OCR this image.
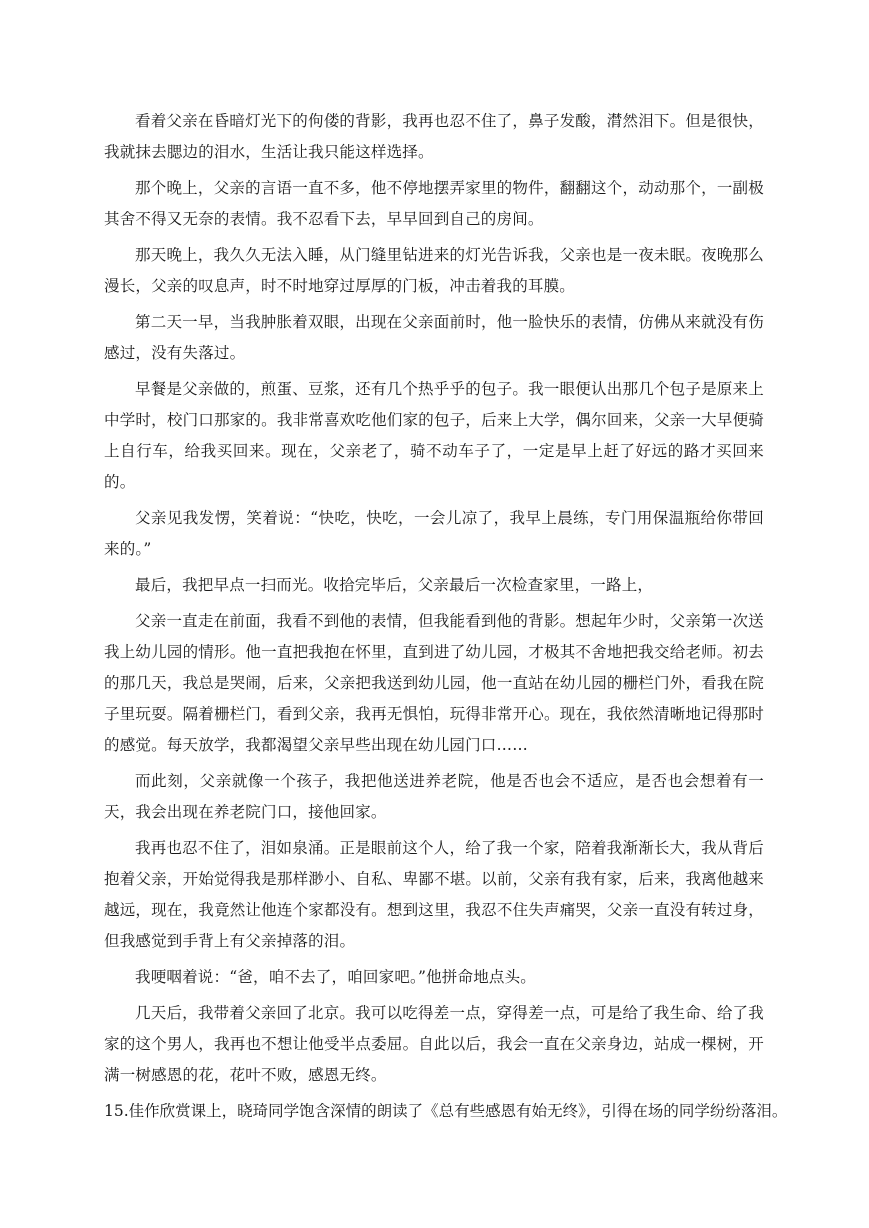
看着父亲在昏暗灯光下的佝偻的背影，我再也忍不住了，鼻子发酸，潸然泪下。但是很快，我就抹去腮边的泪水，生活让我只能这样选择。

那个晚上，父亲的言语一直不多，他不停地摆弄家里的物件，翻翻这个，动动那个，一副极其舍不得又无奈的表情。我不忍看下去，早早回到自己的房间。

那天晚上，我久久无法入睡，从门缝里钻进来的灯光告诉我，父亲也是一夜未眠。夜晚那么漫长，父亲的叹息声，时不时地穿过厚厚的门板，冲击着我的耳膜。

第二天一早，当我肿胀着双眼，出现在父亲面前时，他一脸快乐的表情，仿佛从来就没有伤感过，没有失落过。

早餐是父亲做的，煎蛋、豆浆，还有几个热乎乎的包子。我一眼便认出那几个包子是原来上中学时，校门口那家的。我非常喜欢吃他们家的包子，后来上大学，偶尔回来，父亲一大早便骑上自行车，给我买回来。现在，父亲老了，骑不动车子了，一定是早上赶了好远的路才买回来的。

父亲见我发愣，笑着说：“快吃，快吃，一会儿凉了，我早上晨练，专门用保温瓶给你带回来的。”

最后，我把早点一扫而光。收拾完毕后，父亲最后一次检查家里，一路上，

父亲一直走在前面，我看不到他的表情，但我能看到他的背影。想起年少时，父亲第一次送我上幼儿园的情形。他一直把我抱在怀里，直到进了幼儿园，才极其不舍地把我交给老师。初去的那几天，我总是哭闹，后来，父亲把我送到幼儿园，他一直站在幼儿园的栅栏门外，看我在院子里玩耍。隔着栅栏门，看到父亲，我再无惧怕，玩得非常开心。现在，我依然清晰地记得那时的感觉。每天放学，我都渴望父亲早些出现在幼儿园门口……

而此刻，父亲就像一个孩子，我把他送进养老院，他是否也会不适应，是否也会想着有一天，我会出现在养老院门口，接他回家。

我再也忍不住了，泪如泉涌。正是眼前这个人，给了我一个家，陪着我渐渐长大，我从背后抱着父亲，开始觉得我是那样渺小、自私、卑鄙不堪。以前，父亲有我有家，后来，我离他越来越远，现在，我竟然让他连个家都没有。想到这里，我忍不住失声痛哭，父亲一直没有转过身，但我感觉到手背上有父亲掉落的泪。

我哽咽着说：“爸，咱不去了，咱回家吧。”他拼命地点头。

几天后，我带着父亲回了北京。我可以吃得差一点，穿得差一点，可是给了我生命、给了我家的这个男人，我再也不想让他受半点委屈。自此以后，我会一直在父亲身边，站成一棵树，开满一树感恩的花，花叶不败，感恩无终。

15.佳作欣赏课上，晓琦同学饱含深情的朗读了《总有些感恩有始无终》，引得在场的同学纷纷落泪。
